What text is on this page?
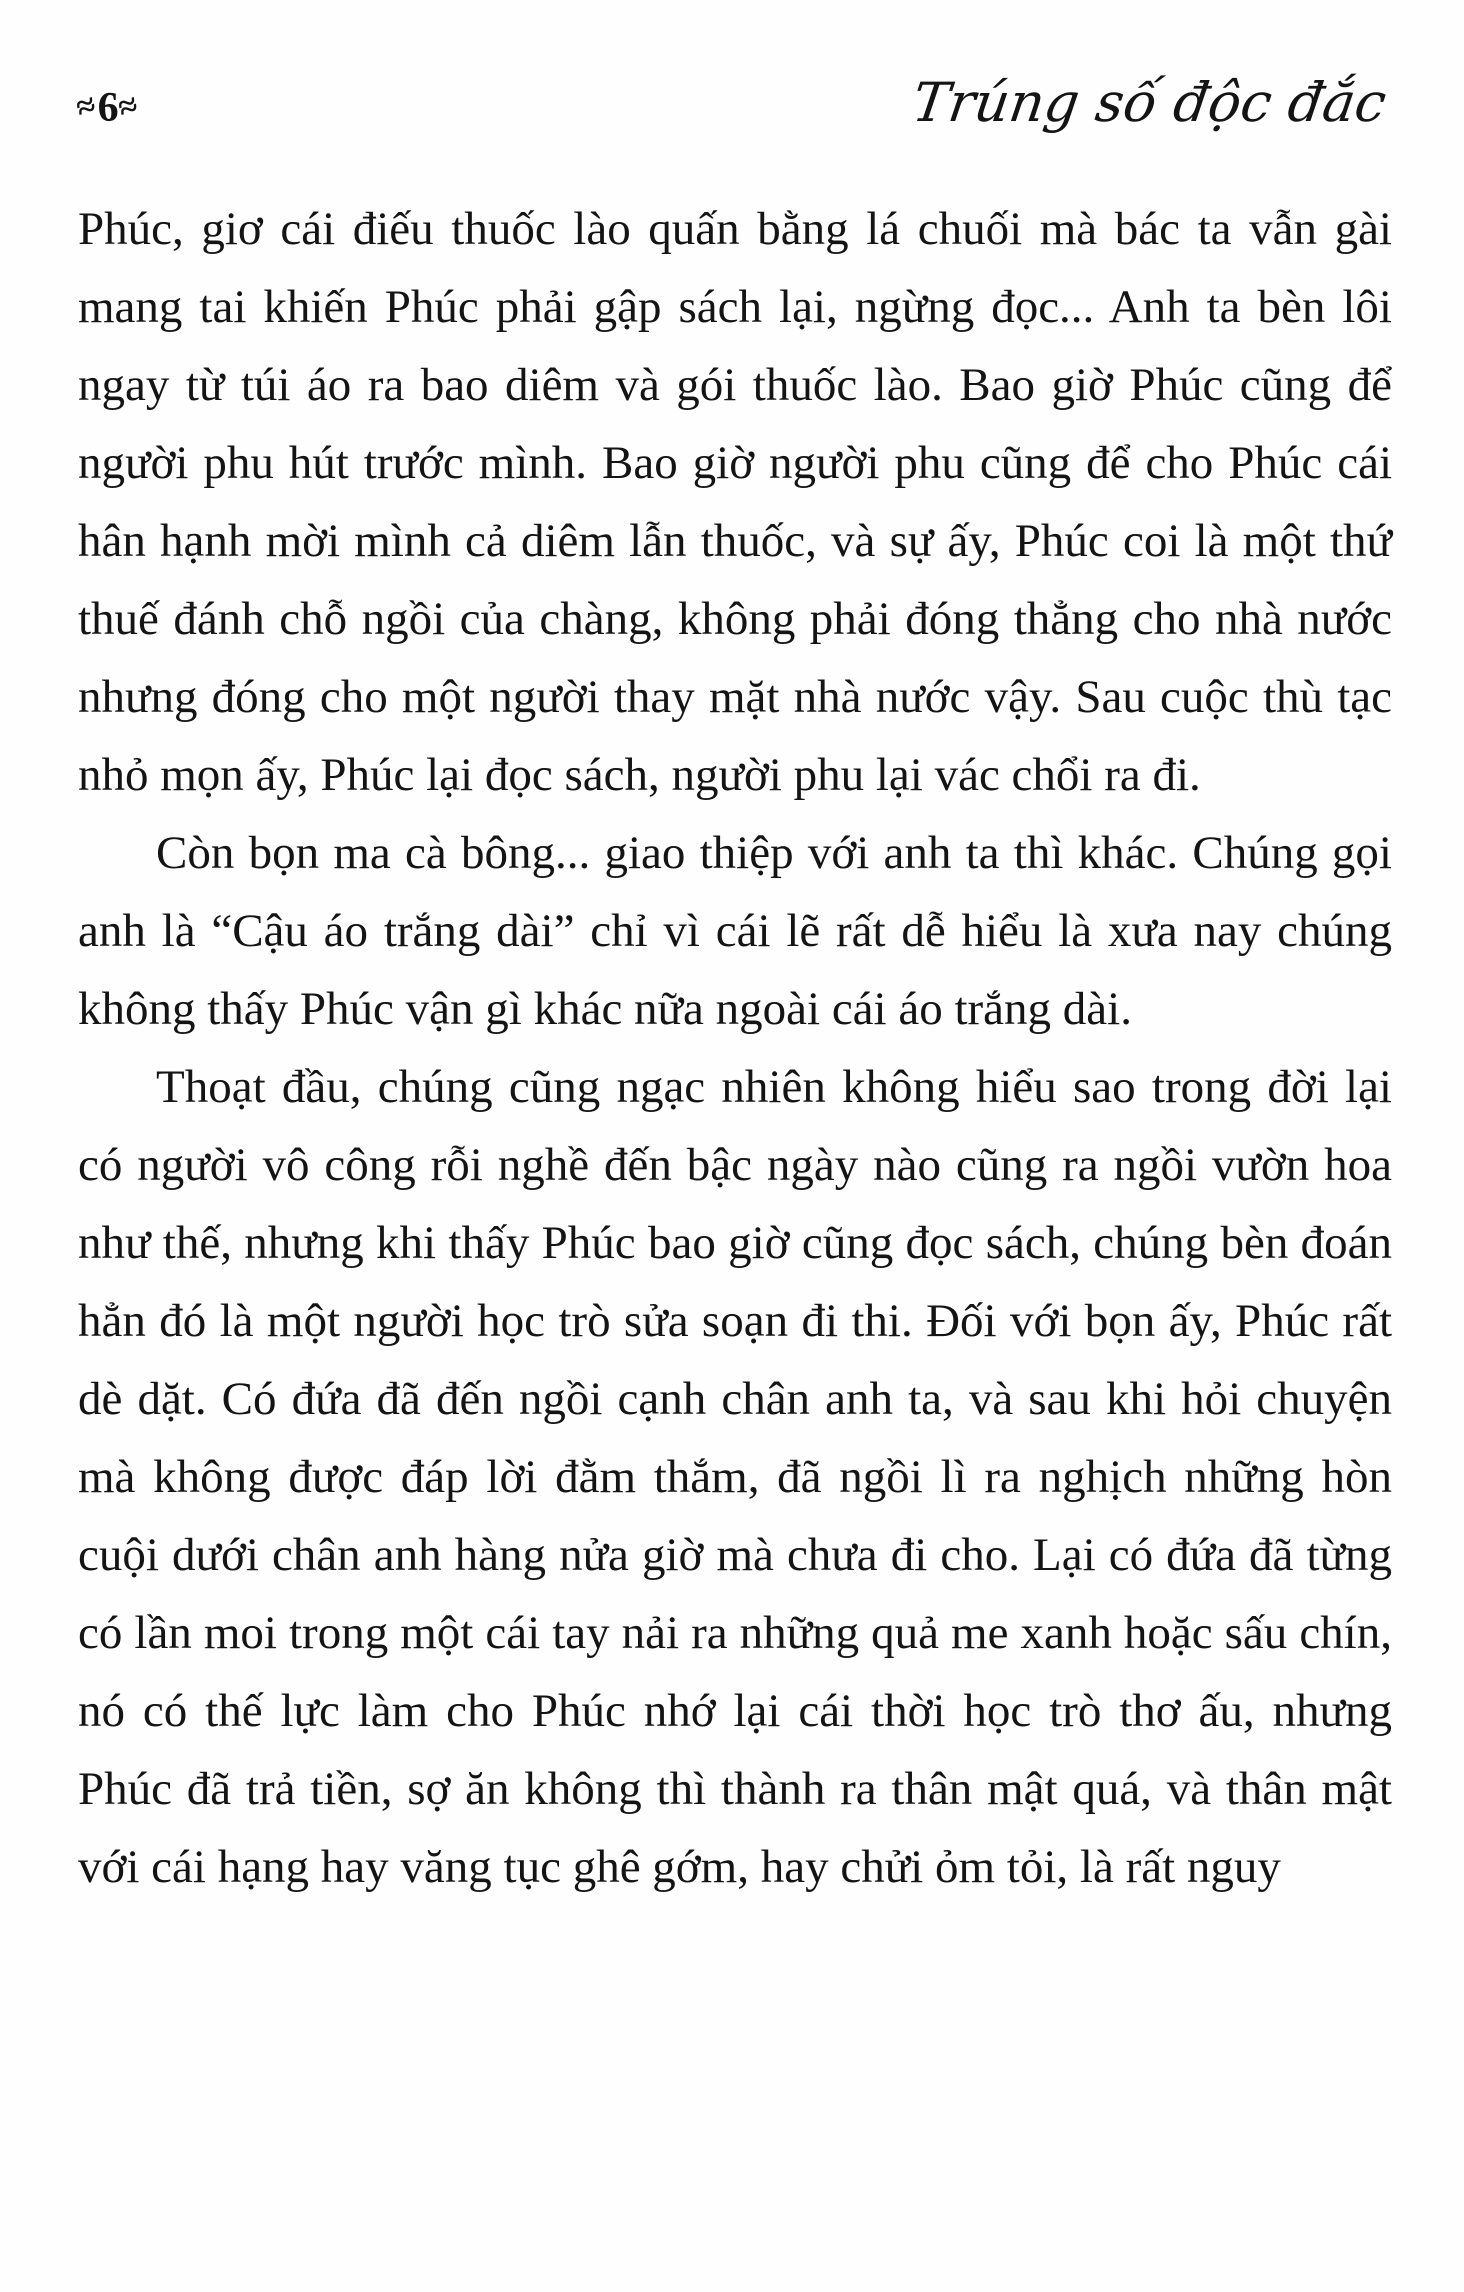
≈6≈	Trúng số độc đắc

Phúc, giơ cái điếu thuốc lào quấn bằng lá chuối mà bác ta vẫn gài mang tai khiến Phúc phải gập sách lại, ngừng đọc... Anh ta bèn lôi ngay từ túi áo ra bao diêm và gói thuốc lào. Bao giờ Phúc cũng để người phu hút trước mình. Bao giờ người phu cũng để cho Phúc cái hân hạnh mời mình cả diêm lẫn thuốc, và sự ấy, Phúc coi là một thứ thuế đánh chỗ ngồi của chàng, không phải đóng thẳng cho nhà nước nhưng đóng cho một người thay mặt nhà nước vậy. Sau cuộc thù tạc nhỏ mọn ấy, Phúc lại đọc sách, người phu lại vác chổi ra đi.

Còn bọn ma cà bông... giao thiệp với anh ta thì khác. Chúng gọi anh là “Cậu áo trắng dài” chỉ vì cái lẽ rất dễ hiểu là xưa nay chúng không thấy Phúc vận gì khác nữa ngoài cái áo trắng dài.

Thoạt đầu, chúng cũng ngạc nhiên không hiểu sao trong đời lại có người vô công rỗi nghề đến bậc ngày nào cũng ra ngồi vườn hoa như thế, nhưng khi thấy Phúc bao giờ cũng đọc sách, chúng bèn đoán hẳn đó là một người học trò sửa soạn đi thi. Đối với bọn ấy, Phúc rất dè dặt. Có đứa đã đến ngồi cạnh chân anh ta, và sau khi hỏi chuyện mà không được đáp lời đằm thắm, đã ngồi lì ra nghịch những hòn cuội dưới chân anh hàng nửa giờ mà chưa đi cho. Lại có đứa đã từng có lần moi trong một cái tay nải ra những quả me xanh hoặc sấu chín, nó có thế lực làm cho Phúc nhớ lại cái thời học trò thơ ấu, nhưng Phúc đã trả tiền, sợ ăn không thì thành ra thân mật quá, và thân mật với cái hạng hay văng tục ghê gớm, hay chửi ỏm tỏi, là rất nguy
